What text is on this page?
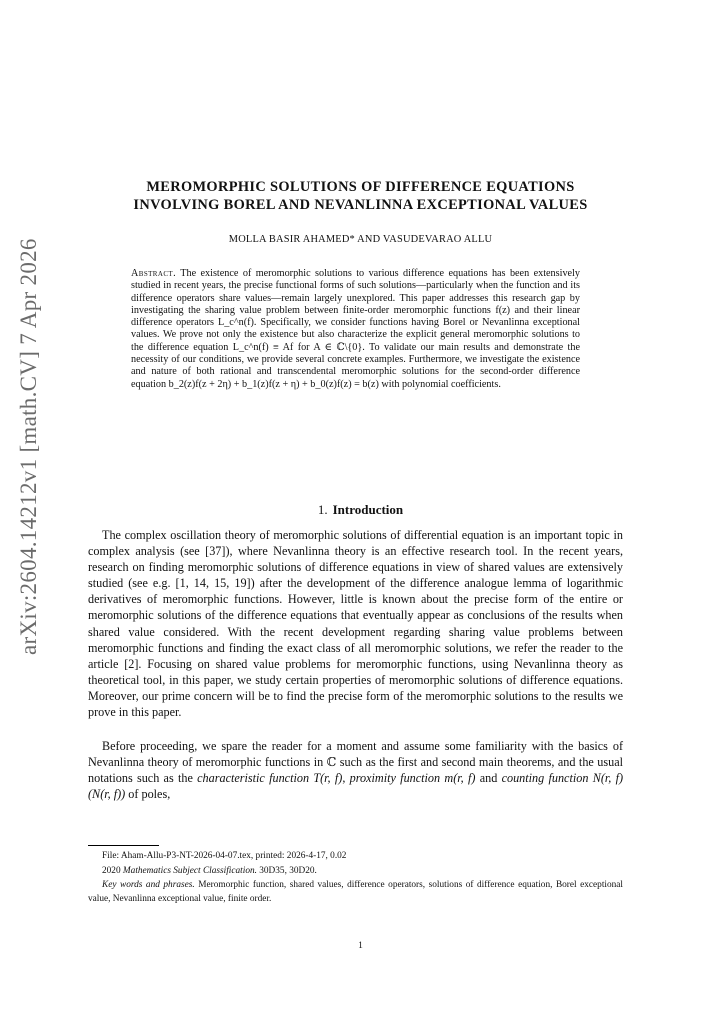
arXiv:2604.14212v1 [math.CV] 7 Apr 2026
MEROMORPHIC SOLUTIONS OF DIFFERENCE EQUATIONS
INVOLVING BOREL AND NEVANLINNA EXCEPTIONAL VALUES
MOLLA BASIR AHAMED* AND VASUDEVARAO ALLU
Abstract. The existence of meromorphic solutions to various difference equations has been extensively studied in recent years, the precise functional forms of such solutions—particularly when the function and its difference operators share values—remain largely unexplored. This paper addresses this research gap by investigating the sharing value problem between finite-order meromorphic functions f(z) and their linear difference operators L_c^n(f). Specifically, we consider functions having Borel or Nevanlinna exceptional values. We prove not only the existence but also characterize the explicit general meromorphic solutions to the difference equation L_c^n(f) ≡ Af for A ∈ ℂ\{0}. To validate our main results and demonstrate the necessity of our conditions, we provide several concrete examples. Furthermore, we investigate the existence and nature of both rational and transcendental meromorphic solutions for the second-order difference equation b_2(z)f(z + 2η) + b_1(z)f(z + η) + b_0(z)f(z) = b(z) with polynomial coefficients.
1. Introduction
The complex oscillation theory of meromorphic solutions of differential equation is an important topic in complex analysis (see [37]), where Nevanlinna theory is an effective research tool. In the recent years, research on finding meromorphic solutions of difference equations in view of shared values are extensively studied (see e.g. [1, 14, 15, 19]) after the development of the difference analogue lemma of logarithmic derivatives of meromorphic functions. However, little is known about the precise form of the entire or meromorphic solutions of the difference equations that eventually appear as conclusions of the results when shared value considered. With the recent development regarding sharing value problems between meromorphic functions and finding the exact class of all meromorphic solutions, we refer the reader to the article [2]. Focusing on shared value problems for meromorphic functions, using Nevanlinna theory as theoretical tool, in this paper, we study certain properties of meromorphic solutions of difference equations. Moreover, our prime concern will be to find the precise form of the meromorphic solutions to the results we prove in this paper.
Before proceeding, we spare the reader for a moment and assume some familiarity with the basics of Nevanlinna theory of meromorphic functions in ℂ such as the first and second main theorems, and the usual notations such as the characteristic function T(r, f), proximity function m(r, f) and counting function N(r, f) (N(r, f)) of poles,
File: Aham-Allu-P3-NT-2026-04-07.tex, printed: 2026-4-17, 0.02
2020 Mathematics Subject Classification. 30D35, 30D20.
Key words and phrases. Meromorphic function, shared values, difference operators, solutions of difference equation, Borel exceptional value, Nevanlinna exceptional value, finite order.
1
